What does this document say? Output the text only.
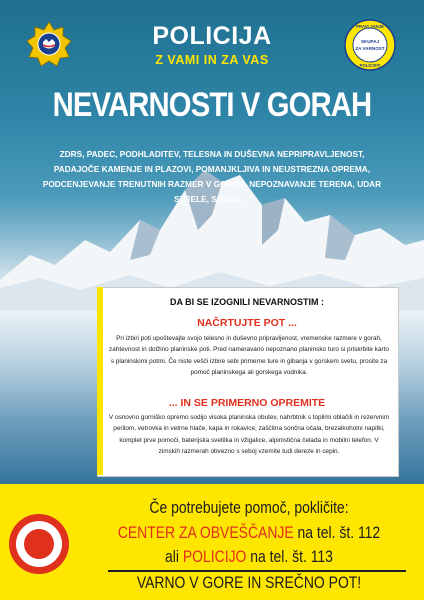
PRAVLJANJE
SKUPAJ
ZA VARNOST
POLICISTI
POLICIJA
Z VAMI IN ZA VAS
NEVARNOSTI V GORAH
ZDRS, PADEC, PODHLADITEV, TELESNA IN DUŠEVNA NEPRIPRAVLJENOST, PADAJOČE KAMENJE IN PLAZOVI, POMANJKLJIVA IN NEUSTREZNA OPREMA, PODCENJEVANJE TRENUTNIH RAZMER V GORAH, NEPOZNAVANJE TERENA, UDAR STRELE, SONCE ...
DA BI SE IZOGNILI NEVARNOSTIM :
NAČRTUJTE POT ...
Pri izbiri poti upoštevajte svojo telesno in duševno pripravljenost, vremenske razmere v gorah, zahtevnost in dolžino planinske poti. Pred nameravano nepoznano planinsko turo si priskrbite karto s planinskimi potmi. Če niste vešči izbire sebi primerne ture in gibanja v gorskem svetu, prosite za pomoč planinskega ali gorskega vodnika.
... IN SE PRIMERNO OPREMITE
V osnovno gorniško opremo sodijo visoka planinska obutev, nahrbtnik s toplimi oblačili in rezervnim perilom, vetrovka in vetrne hlače, kapa in rokavice, zaščitna sončna očala, brezalkoholni napitki, komplet prve pomoči, baterijska svetilka in vžigalice, alpinistična čelada in mobilni telefon. V zimskih razmerah obvezno s seboj vzemite tudi dereze in cepin.
Če potrebujete pomoč, pokličite:
CENTER ZA OBVEŠČANJE na tel. št. 112
ali POLICIJO na tel. št. 113
VARNO V GORE IN SREČNO POT!
